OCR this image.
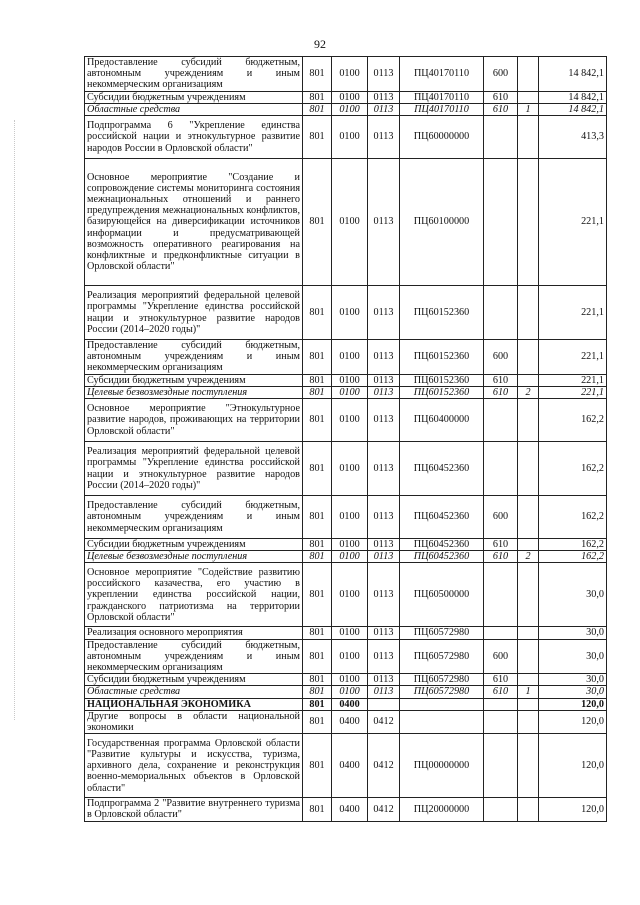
92
Предоставление субсидий бюджетным, автономным учреждениям и иным некоммерческим организациям	801	0100	0113	ПЦ40170110	600		14 842,1
Субсидии бюджетным учреждениям	801	0100	0113	ПЦ40170110	610		14 842,1
Областные средства	801	0100	0113	ПЦ40170110	610	1	14 842,1
Подпрограмма 6 "Укрепление единства российской нации и этнокультурное развитие народов России в Орловской области"	801	0100	0113	ПЦ60000000			413,3
Основное мероприятие "Создание и сопровождение системы мониторинга состояния межнациональных отношений и раннего предупреждения межнациональных конфликтов, базирующейся на диверсификации источников информации и предусматривающей возможность оперативного реагирования на конфликтные и предконфликтные ситуации в Орловской области"	801	0100	0113	ПЦ60100000			221,1
Реализация мероприятий федеральной целевой программы "Укрепление единства российской нации и этнокультурное развитие народов России (2014–2020 годы)"	801	0100	0113	ПЦ60152360			221,1
Предоставление субсидий бюджетным, автономным учреждениям и иным некоммерческим организациям	801	0100	0113	ПЦ60152360	600		221,1
Субсидии бюджетным учреждениям	801	0100	0113	ПЦ60152360	610		221,1
Целевые безвозмездные поступления	801	0100	0113	ПЦ60152360	610	2	221,1
Основное мероприятие "Этнокультурное развитие народов, проживающих на территории Орловской области"	801	0100	0113	ПЦ60400000			162,2
Реализация мероприятий федеральной целевой программы "Укрепление единства российской нации и этнокультурное развитие народов России (2014–2020 годы)"	801	0100	0113	ПЦ60452360			162,2
Предоставление субсидий бюджетным, автономным учреждениям и иным некоммерческим организациям	801	0100	0113	ПЦ60452360	600		162,2
Субсидии бюджетным учреждениям	801	0100	0113	ПЦ60452360	610		162,2
Целевые безвозмездные поступления	801	0100	0113	ПЦ60452360	610	2	162,2
Основное мероприятие "Содействие развитию российского казачества, его участию в укреплении единства российской нации, гражданского патриотизма на территории Орловской области"	801	0100	0113	ПЦ60500000			30,0
Реализация основного мероприятия	801	0100	0113	ПЦ60572980			30,0
Предоставление субсидий бюджетным, автономным учреждениям и иным некоммерческим организациям	801	0100	0113	ПЦ60572980	600		30,0
Субсидии бюджетным учреждениям	801	0100	0113	ПЦ60572980	610		30,0
Областные средства	801	0100	0113	ПЦ60572980	610	1	30,0
НАЦИОНАЛЬНАЯ ЭКОНОМИКА	801	0400					120,0
Другие вопросы в области национальной экономики	801	0400	0412				120,0
Государственная программа Орловской области "Развитие культуры и искусства, туризма, архивного дела, сохранение и реконструкция военно-мемориальных объектов в Орловской области"	801	0400	0412	ПЦ00000000			120,0
Подпрограмма 2 "Развитие внутреннего туризма в Орловской области"	801	0400	0412	ПЦ20000000			120,0
